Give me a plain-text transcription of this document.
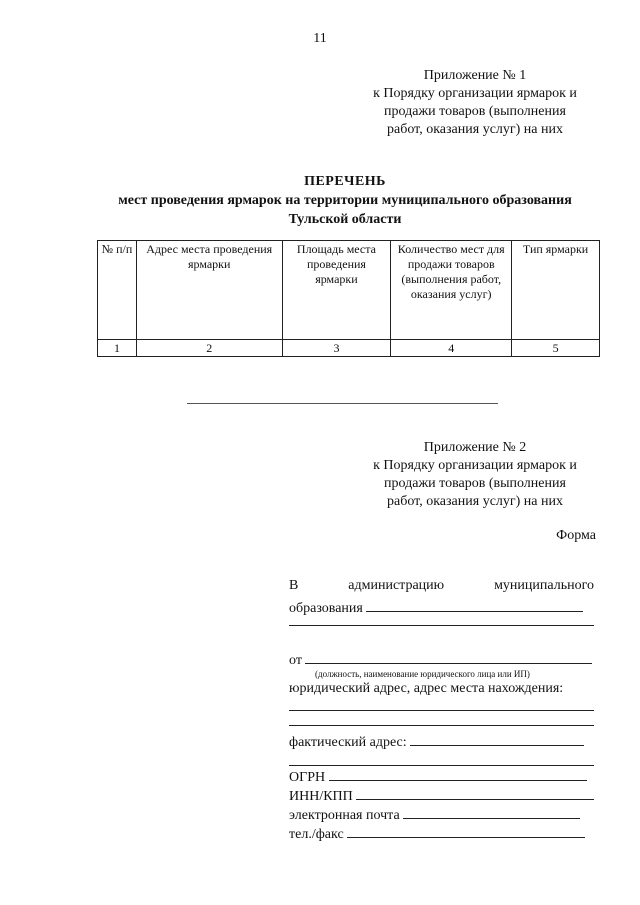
11
Приложение № 1
к Порядку организации ярмарок и
продажи товаров (выполнения
работ, оказания услуг) на них
ПЕРЕЧЕНЬ
мест проведения ярмарок на территории муниципального образования
Тульской области
№ п/п	Адрес места проведения ярмарки	Площадь места проведения ярмарки	Количество мест для продажи товаров (выполнения работ, оказания услуг)	Тип ярмарки
1	2	3	4	5
Приложение № 2
к Порядку организации ярмарок и
продажи товаров (выполнения
работ, оказания услуг) на них
Форма
В	администрацию	муниципального
образования
от
(должность, наименование юридического лица или ИП)
юридический адрес, адрес места нахождения:
фактический адрес:
ОГРН
ИНН/КПП
электронная почта
тел./факс
